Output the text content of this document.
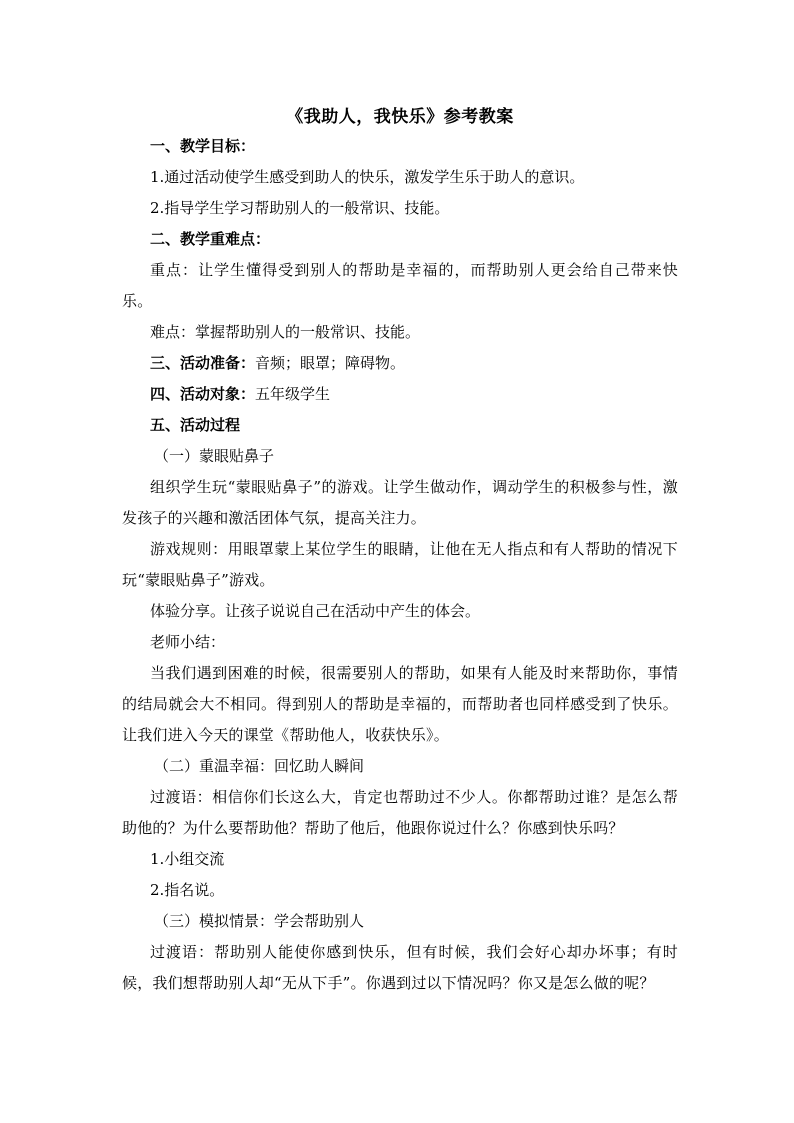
《我助人，我快乐》参考教案

一、教学目标：

1.通过活动使学生感受到助人的快乐，激发学生乐于助人的意识。

2.指导学生学习帮助别人的一般常识、技能。

二、教学重难点：

重点：让学生懂得受到别人的帮助是幸福的，而帮助别人更会给自己带来快乐。

难点：掌握帮助别人的一般常识、技能。

三、活动准备：音频；眼罩；障碍物。

四、活动对象：五年级学生

五、活动过程

（一）蒙眼贴鼻子

组织学生玩“蒙眼贴鼻子”的游戏。让学生做动作，调动学生的积极参与性，激发孩子的兴趣和激活团体气氛，提高关注力。

游戏规则：用眼罩蒙上某位学生的眼睛，让他在无人指点和有人帮助的情况下玩“蒙眼贴鼻子”游戏。

体验分享。让孩子说说自己在活动中产生的体会。

老师小结：

当我们遇到困难的时候，很需要别人的帮助，如果有人能及时来帮助你，事情的结局就会大不相同。得到别人的帮助是幸福的，而帮助者也同样感受到了快乐。让我们进入今天的课堂《帮助他人，收获快乐》。

（二）重温幸福：回忆助人瞬间

过渡语：相信你们长这么大，肯定也帮助过不少人。你都帮助过谁？是怎么帮助他的？为什么要帮助他？帮助了他后，他跟你说过什么？你感到快乐吗？

1.小组交流

2.指名说。

（三）模拟情景：学会帮助别人

过渡语：帮助别人能使你感到快乐，但有时候，我们会好心却办坏事；有时候，我们想帮助别人却“无从下手”。你遇到过以下情况吗？你又是怎么做的呢？
